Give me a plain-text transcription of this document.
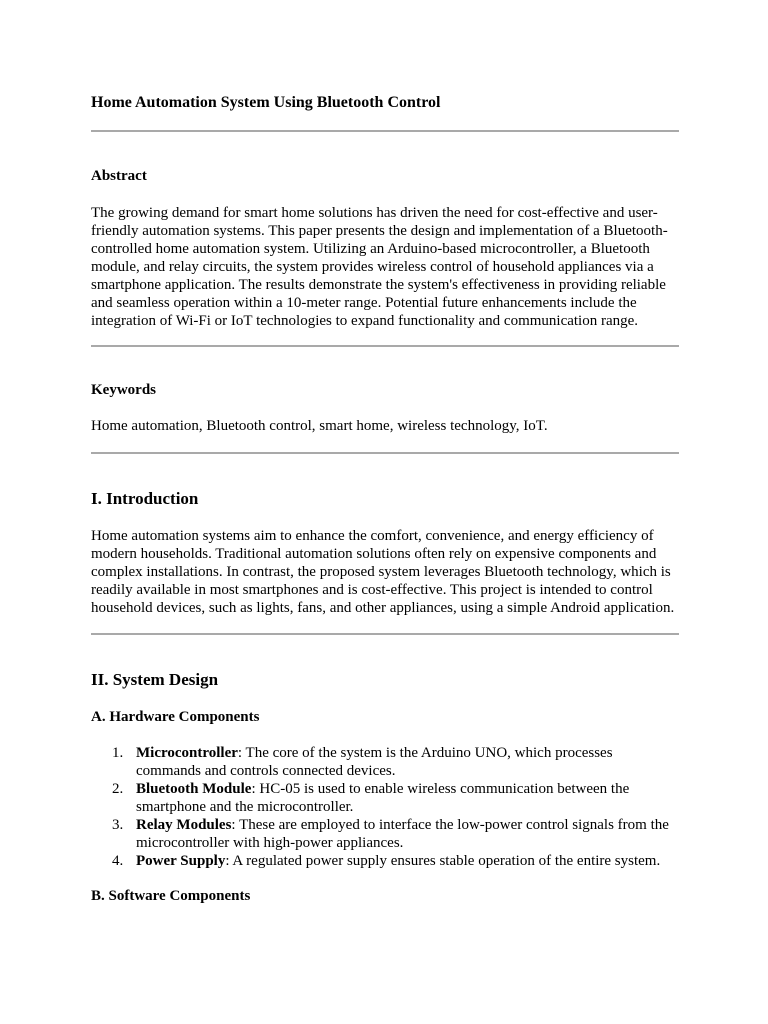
Home Automation System Using Bluetooth Control
Abstract

The growing demand for smart home solutions has driven the need for cost-effective and user-
friendly automation systems. This paper presents the design and implementation of a Bluetooth-
controlled home automation system. Utilizing an Arduino-based microcontroller, a Bluetooth
module, and relay circuits, the system provides wireless control of household appliances via a
smartphone application. The results demonstrate the system's effectiveness in providing reliable
and seamless operation within a 10-meter range. Potential future enhancements include the
integration of Wi-Fi or IoT technologies to expand functionality and communication range.

Keywords

Home automation, Bluetooth control, smart home, wireless technology, IoT.

I. Introduction

Home automation systems aim to enhance the comfort, convenience, and energy efficiency of
modern households. Traditional automation solutions often rely on expensive components and
complex installations. In contrast, the proposed system leverages Bluetooth technology, which is
readily available in most smartphones and is cost-effective. This project is intended to control
household devices, such as lights, fans, and other appliances, using a simple Android application.

II. System Design
A. Hardware Components
1. Microcontroller: The core of the system is the Arduino UNO, which processes
commands and controls connected devices.
2. Bluetooth Module: HC-05 is used to enable wireless communication between the
smartphone and the microcontroller.
3. Relay Modules: These are employed to interface the low-power control signals from the
microcontroller with high-power appliances.
4. Power Supply: A regulated power supply ensures stable operation of the entire system.
B. Software Components
